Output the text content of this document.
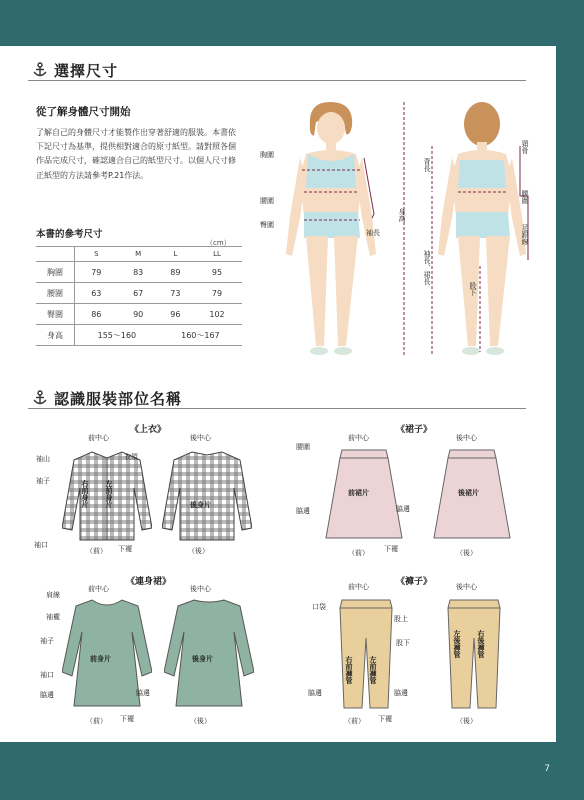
7
選擇尺寸
從了解身體尺寸開始
了解自己的身體尺寸才能製作出穿著舒適的服裝。本書依下記尺寸為基準，提供相對適合的原寸紙型。請對照各個作品完成尺寸，確認適合自己的紙型尺寸。以個人尺寸修正紙型的方法請參考P.21作法。
本書的參考尺寸
（cm）
	S	M	L	LL
胸圍	79	83	89	95
腰圍	63	67	73	79
臀圍	86	90	96	102
身高	155〜160		160〜167	
胸圍
腰圍
臀圍
袖長
身高
頸骨
背長
腰圍
足跟線
袖長、裙長
股下
認識服裝部位名稱
《上衣》
前中心	後中心
袖山	衣領
袖子	右前身片 左前身片	後身片
袖口	下襬
（前）	（後）
《裙子》
腰圍
前中心	後中心
前裙片	後裙片
脇邊	脇邊
下襬
（前）	（後）
《連身裙》
肩線
前中心	後中心
袖襱
袖子
前身片	後身片
袖口
脇邊	脇邊
下襬
（前）	（後）
《褲子》
前中心	後中心
口袋
股上
股下
右前褲管 左前褲管
左後褲管 右後褲管
脇邊	脇邊
下襬
（前）	（後）
